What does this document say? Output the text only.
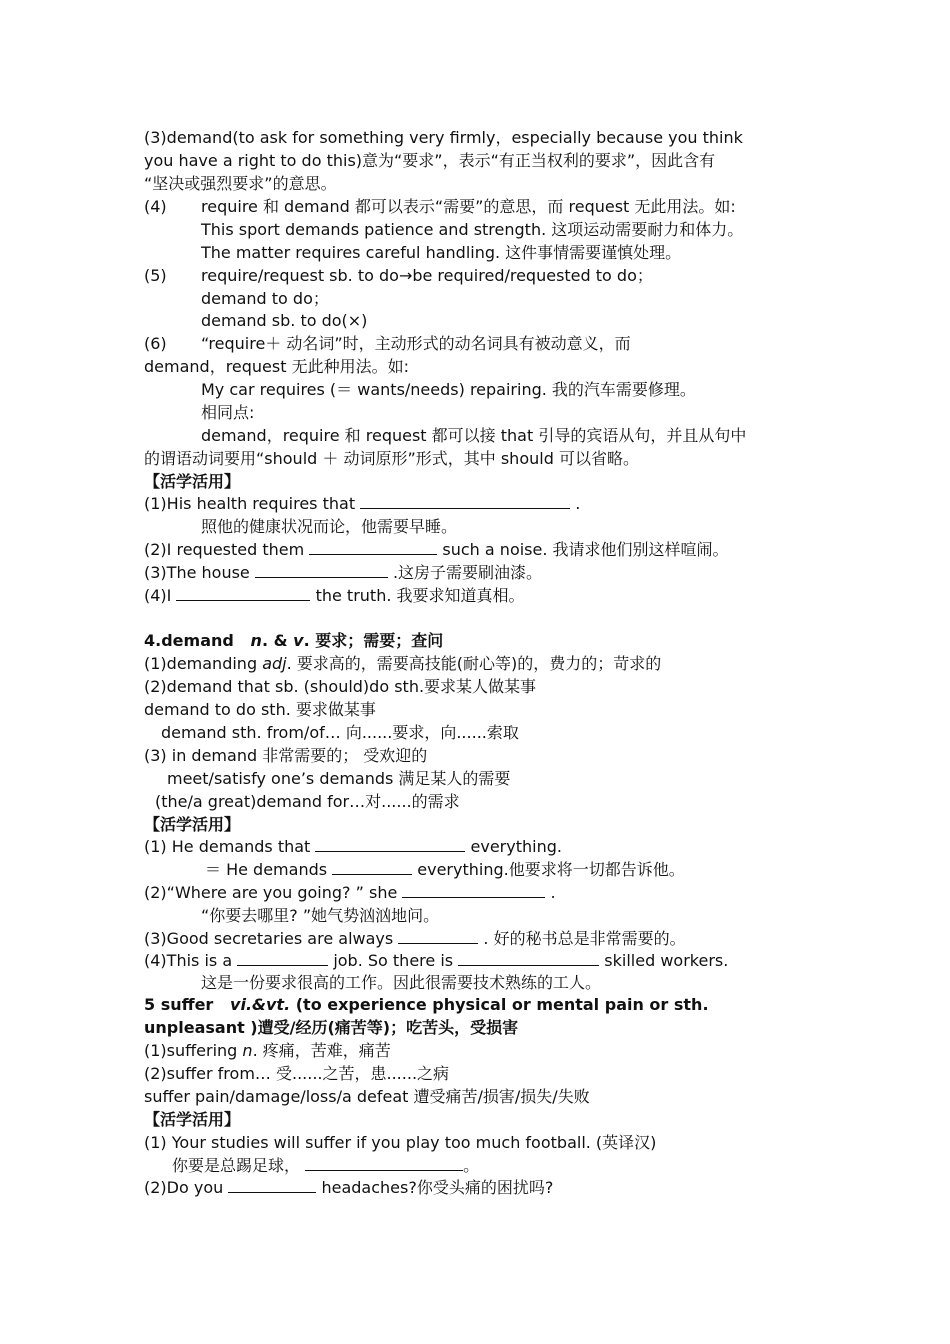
(3)demand(to ask for something very firmly，especially because you think
you have a right to do this)意为“要求”，表示“有正当权利的要求”，因此含有
“坚决或强烈要求”的意思。
(4) require 和 demand 都可以表示“需要”的意思，而 request 无此用法。如:
This sport demands patience and strength. 这项运动需要耐力和体力。
The matter requires careful handling. 这件事情需要谨慎处理。
(5) require/request sb. to do→be required/requested to do；
demand to do；
demand sb. to do(×)
(6) “require＋ 动名词”时，主动形式的动名词具有被动意义，而
demand，request 无此种用法。如:
My car requires (＝ wants/needs) repairing. 我的汽车需要修理。
相同点:
demand，require 和 request 都可以接 that 引导的宾语从句，并且从句中
的谓语动词要用“should ＋ 动词原形”形式，其中 should 可以省略。
【活学活用】
(1)His health requires that	.
照他的健康状况而论，他需要早睡。
(2)I requested them	such a noise. 我请求他们别这样喧闹。
(3)The house	.这房子需要刷油漆。
(4)I	the truth. 我要求知道真相。
4.demand n. & v. 要求；需要；查问
(1)demanding adj. 要求高的，需要高技能(耐心等)的，费力的；苛求的
(2)demand that sb. (should)do sth.要求某人做某事
demand to do sth. 要求做某事
demand sth. from/of… 向......要求，向......索取
(3) in demand 非常需要的； 受欢迎的
meet/satisfy one’s demands 满足某人的需要
(the/a great)demand for…对......的需求
【活学活用】
(1) He demands that	everything.
＝ He demands	everything.他要求将一切都告诉他。
(2)“Where are you going? ” she	.
“你要去哪里? ”她气势汹汹地问。
(3)Good secretaries are always	. 好的秘书总是非常需要的。
(4)This is a	job. So there is	skilled workers.
这是一份要求很高的工作。因此很需要技术熟练的工人。
5 suffer vi.&vt. (to experience physical or mental pain or sth.
unpleasant )遭受/经历(痛苦等)；吃苦头，受损害
(1)suffering n. 疼痛，苦难，痛苦
(2)suffer from… 受......之苦，患......之病
suffer pain/damage/loss/a defeat 遭受痛苦/损害/损失/失败
【活学活用】
(1) Your studies will suffer if you play too much football. (英译汉)
你要是总踢足球，	。
(2)Do you	headaches?你受头痛的困扰吗?
